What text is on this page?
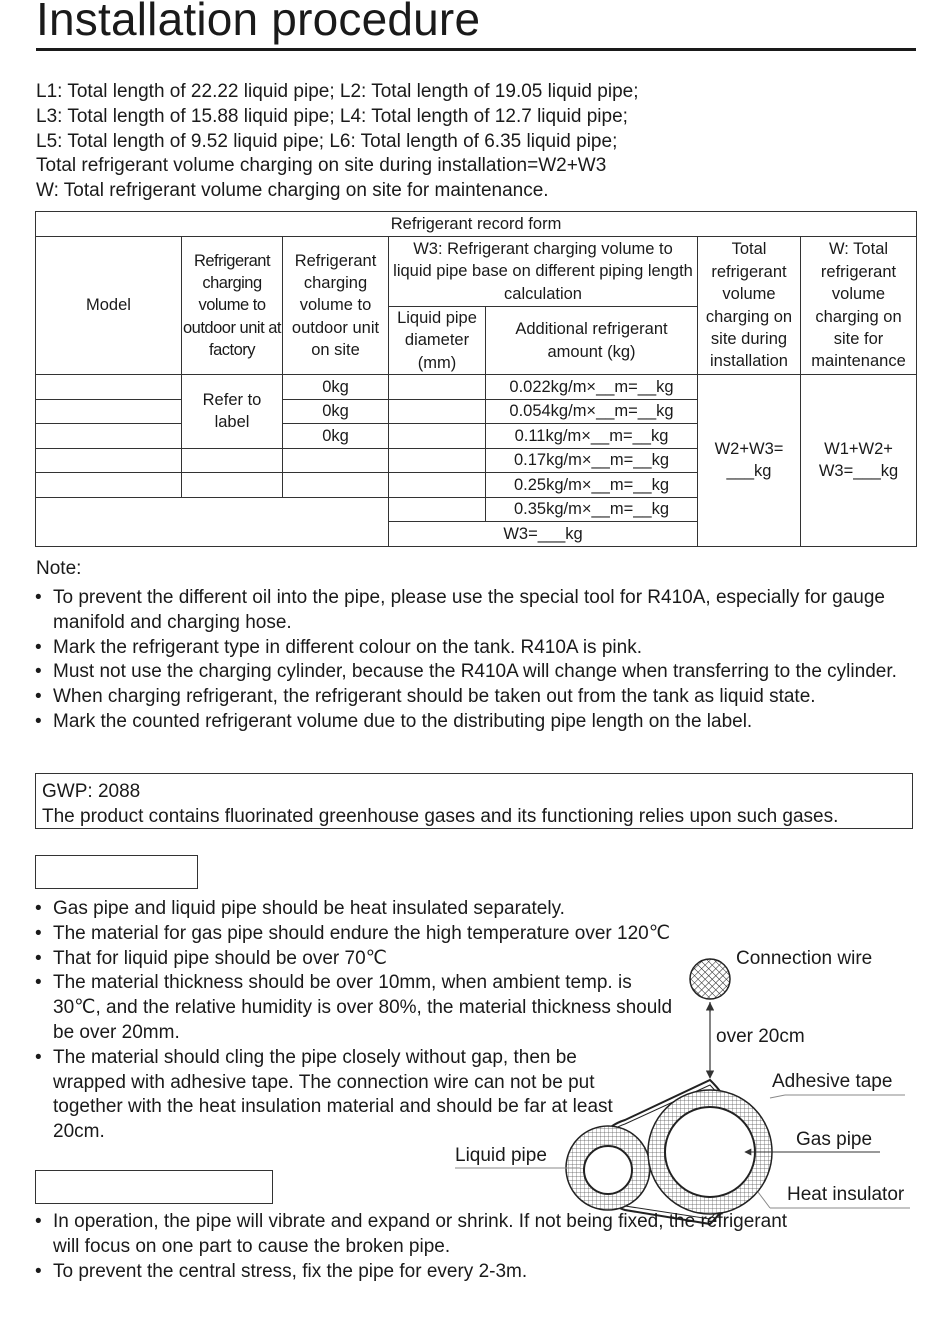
Installation procedure
L1: Total length of 22.22 liquid pipe; L2: Total length of 19.05 liquid pipe;
L3: Total length of 15.88 liquid pipe; L4: Total length of 12.7 liquid pipe;
L5: Total length of 9.52 liquid pipe; L6: Total length of 6.35 liquid pipe;
Total refrigerant volume charging on site during installation=W2+W3
W: Total refrigerant volume charging on site for maintenance.
Refrigerant record form						
Model	Refrigerant charging volume to outdoor unit at factory	Refrigerant charging volume to outdoor unit on site	W3: Refrigerant charging volume to liquid pipe base on different piping length calculation		Total refrigerant volume charging on site during installation	W: Total refrigerant volume charging on site for maintenance
			Liquid pipe diameter (mm)	Additional refrigerant amount (kg)		
	Refer to label	0kg		0.022kg/m×__m=__kg	W2+W3= ___kg	W1+W2+ W3=___kg
		0kg		0.054kg/m×__m=__kg		
		0kg		0.11kg/m×__m=__kg		
				0.17kg/m×__m=__kg		
				0.25kg/m×__m=__kg		
				0.35kg/m×__m=__kg		
			W3=___kg			
Note:
• To prevent the different oil into the pipe, please use the special tool for R410A, especially for gauge manifold and charging hose.
• Mark the refrigerant type in different colour on the tank. R410A is pink.
• Must not use the charging cylinder, because the R410A will change when transferring to the cylinder.
• When charging refrigerant, the refrigerant should be taken out from the tank as liquid state.
• Mark the counted refrigerant volume due to the distributing pipe length on the label.
GWP: 2088
The product contains fluorinated greenhouse gases and its functioning relies upon such gases.
• Gas pipe and liquid pipe should be heat insulated separately.
• The material for gas pipe should endure the high temperature over 120℃
• That for liquid pipe should be over 70℃
• The material thickness should be over 10mm, when ambient temp. is 30℃, and the relative humidity is over 80%, the material thickness should be over 20mm.
• The material should cling the pipe closely without gap, then be wrapped with adhesive tape. The connection wire can not be put together with the heat insulation material and should be far at least 20cm.
Connection wire
over 20cm
Adhesive tape
Gas pipe
Liquid pipe
Heat insulator
• In operation, the pipe will vibrate and expand or shrink. If not being fixed, the refrigerant will focus on one part to cause the broken pipe.
• To prevent the central stress, fix the pipe for every 2-3m.
